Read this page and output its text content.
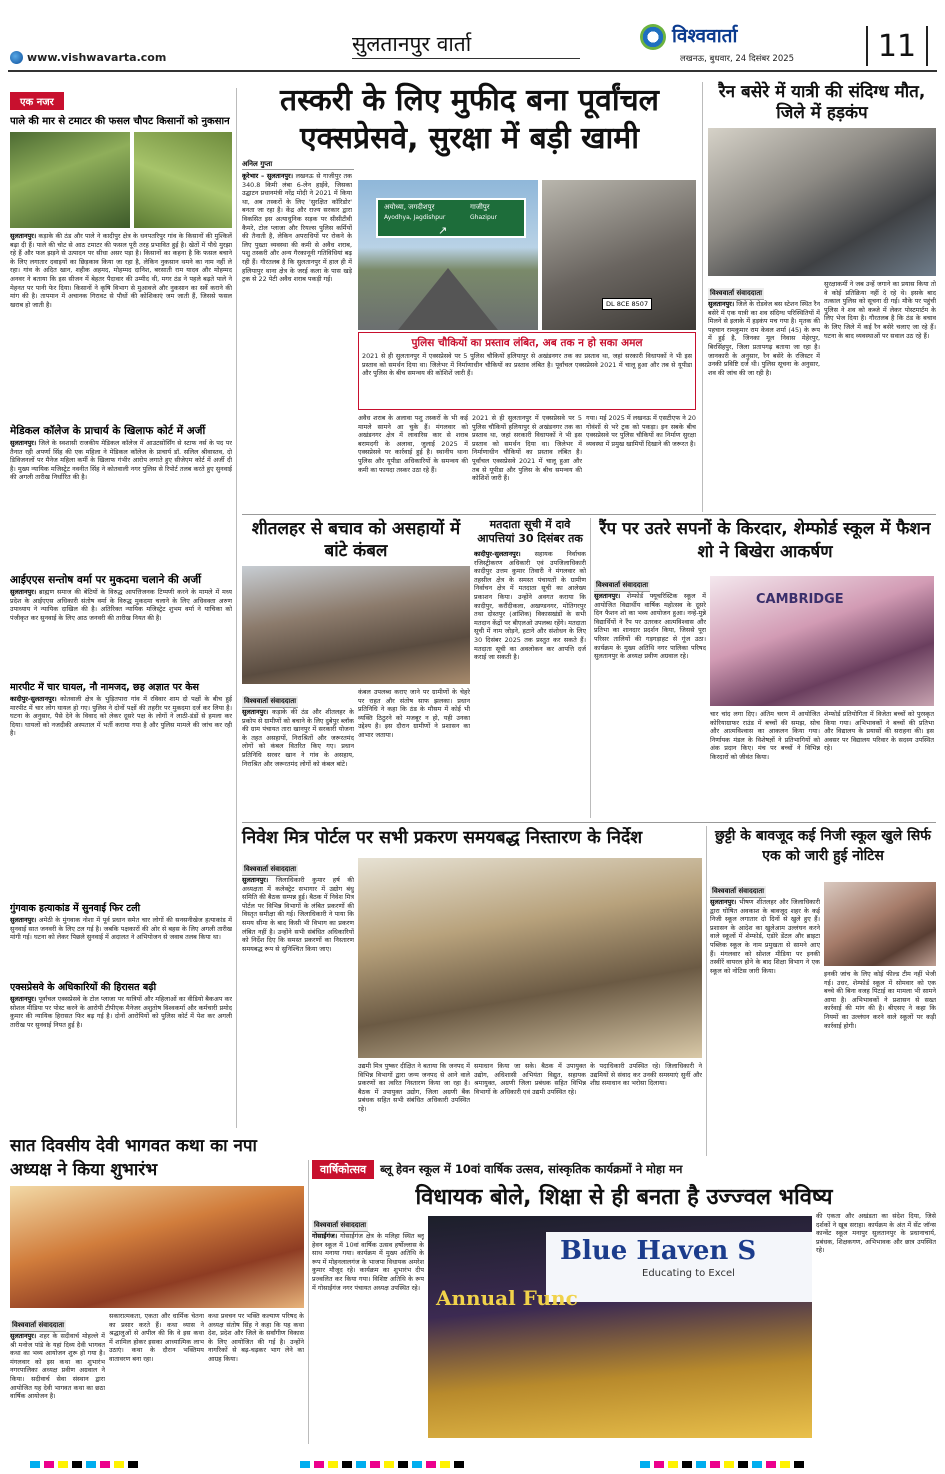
www.vishwavarta.com
सुलतानपुर वार्ता	विश्ववार्ता
लखनऊ, बुधवार, 24 दिसंबर 2025	11
एक नजर
पाले की मार से टमाटर की फसल चौपट किसानों को नुकसान
सुलतानपुर। कड़ाके की ठंड और पाले ने कादीपुर क्षेत्र के धनपतरिपुर गांव के किसानों की मुश्किलें बढ़ा दी हैं। पाले की चोट से आठ टमाटर की फसल पूरी तरह प्रभावित हुई है। खेतों में पौधे मुरझा रहे हैं और फल झड़ने से उत्पादन पर सीधा असर पड़ा है। किसानों का कहना है कि फसल बचाने के लिए लगातार दवाइयों का छिड़काव किया जा रहा है, लेकिन नुकसान थमने का नाम नहीं ले रहा। गांव के अदित खान, शहीक अहमद, मोहम्मद दानिश, बरसाती राम यादव और मोहम्मद अनवर ने बताया कि इस सीजन में बेहतर पैदावार की उम्मीद थी, मगर ठंड ने पहले बढ़ते पाले ने मेहनत पर पानी फेर दिया। किसानों ने कृषि विभाग से मुआवजे और नुकसान का सर्वे कराने की मांग की है। तापमान में अचानक गिरावट से पौधों की कोशिकाएं जम जाती हैं, जिससे फसल खराब हो जाती है।
मेडिकल कॉलेज के प्राचार्य के खिलाफ कोर्ट में अर्जी
सुलतानपुर। जिले के स्वशासी राजकीय मेडिकल कॉलेज में आउटसोर्सिंग से स्टाफ नर्स के पद पर तैनात रही अपर्णा सिंह की एक महिला ने मेडिकल कॉलेज के प्राचार्य डॉ. सलिल श्रीवास्तव, दो डिविजनलों पर मैनेज महिला कर्मी के खिलाफ गंभीर आरोप लगाते हुए सीजेएम कोर्ट में अर्जी दी है। मुख्य न्यायिक मजिस्ट्रेट नवनीत सिंह ने कोतवाली नगर पुलिस से रिपोर्ट तलब करते हुए सुनवाई की अगली तारीख निर्धारित की है।
आईएएस सन्तोष वर्मा पर मुकदमा चलाने की अर्जी
सुलतानपुर। ब्राह्मण समाज की बेटियों के विरुद्ध आपत्तिजनक टिप्पणी करने के मामले में मध्य प्रदेश के आईएएस अधिकारी संतोष वर्मा के विरुद्ध मुकदमा चलाने के लिए अधिवक्ता अरुण उपाध्याय ने न्यायिक दाखिल की है। अतिरिक्त न्यायिक मजिस्ट्रेट शुभम वर्मा ने याचिका को पंजीकृत कर सुनवाई के लिए आठ जनवरी की तारीख नियत की है।
मारपीट में चार घायल, नौ नामजद, छह अज्ञात पर केस
कादीपुर-सुलतानपुर। कोतवाली क्षेत्र के भुड़ितपारा गांव में रविवार शाम दो पक्षों के बीच हुई मारपीट में चार लोग घायल हो गए। पुलिस ने दोनों पक्षों की तहरीर पर मुकदमा दर्ज कर लिया है। घटना के अनुसार, पैसे देने के विवाद को लेकर दूसरे पक्ष के लोगों ने लाठी-डंडों से हमला कर दिया। घायलों को नजदीकी अस्पताल में भर्ती कराया गया है और पुलिस मामले की जांच कर रही है।
गुंगवाक हत्याकांड में सुनवाई फिर टली
सुलतानपुर। अमेठी के मुंगवाक नोशा में पूर्व प्रधान समेत चार लोगों की सनसनीखेज हत्याकांड में सुनवाई सात जनवरी के लिए टल गई है। जबकि पक्षकारों की ओर से बहस के लिए अगली तारीख मांगी गई। घटना को लेकर पिछले सुनवाई में अदालत ने अभियोजन से जवाब तलब किया था।
एक्सप्रेसवे के अधिकारियों की हिरासत बढ़ी
सुलतानपुर। पूर्वांचल एक्सप्रेसवे के टोल प्लाजा पर यात्रियों और महिलाओं का वीडियो बैकअप कर सोशल मीडिया पर पोस्ट करने के आरोपी टीपीएक मैनेजर अशुतोष विश्वकर्मा और कर्मचारी प्रमोद कुमार की न्यायिक हिरासत फिर बढ़ गई है। दोनों आरोपियों को पुलिस कोर्ट में पेश कर अगली तारीख पर सुनवाई नियत हुई है।
तस्करी के लिए मुफीद बना पूर्वांचल एक्सप्रेसवे, सुरक्षा में बड़ी खामी
अनिल गुप्ता
कूरेभार – सुलतानपुर। लखनऊ से गाजीपुर तक 340.8 किमी लंबा 6-लेन हाईवे, जिसका उद्घाटन प्रधानमंत्री नरेंद्र मोदी ने 2021 में किया था, अब तस्करों के लिए 'सुरक्षित कॉरिडोर' बनता जा रहा है। केंद्र और राज्य सरकार द्वारा विकसित इस अत्याधुनिक सड़क पर सीसीटीवी कैमरे, टोल प्लाजा और रियल्स पुलिस कर्मियों की तैनाती है, लेकिन अपराधियों पर रोकने के लिए पुख्ता व्यवस्था की कमी से अवैध शराब, पशु तस्करी और अन्य गैरकानूनी गतिविधियां बढ़ रही हैं। गौरतलब है कि सुलतानपुर में हाल ही में हलियापुर थाना क्षेत्र के जरई कला के पास खड़े ट्रक से 22 पेटी अवैध शराब पकड़ी गई।
अयोध्या, जगदीशपुर	गाजीपुर
Ayodhya, Jagdishpur	Ghazipur
↗
DL 8CE 8507
पुलिस चौकियों का प्रस्ताव लंबित, अब तक न हो सका अमल
2021 से ही सुलतानपुर में एक्सप्रेसवे पर 5 पुलिस चौकियों हलियापुर से अखंडनगर तक का प्रस्ताव था, जहां सरकारी विधायकों ने भी इस प्रस्ताव को समर्थन दिया था। जिलेभर में निर्माणाधीन चौकियों का प्रस्ताव लंबित है। पूर्वांचल एक्सप्रेसवे 2021 में चालू हुआ और तब से यूपीडा और पुलिस के बीच समन्वय की कोशिशें जारी हैं।
अवैध शराब के अलावा पशु तस्करों के भी कई मामले सामने आ चुके हैं। मंगलवार को अखंडनगर क्षेत्र में लावारिस कार से शराब बरामदगी के अलावा, जुलाई 2025 में एक्सप्रेसवे पर कार्रवाई हुई है। स्थानीय थाना पुलिस और यूपीडा अधिकारियों के समन्वय की कमी का फायदा तस्कर उठा रहे हैं।
2021 से ही सुलतानपुर में एक्सप्रेसवे पर 5 पुलिस चौकियों हलियापुर से अखंडनगर तक का प्रस्ताव था, जहां सरकारी विधायकों ने भी इस प्रस्ताव को समर्थन दिया था। जिलेभर में निर्माणाधीन चौकियों का प्रस्ताव लंबित है। पूर्वांचल एक्सप्रेसवे 2021 में चालू हुआ और तब से यूपीडा और पुलिस के बीच समन्वय की कोशिशें जारी हैं।
गया। मई 2025 में लखनऊ में एसटीएफ ने 20 गोवंशों से भरे ट्रक को पकड़ा। इन सबके बीच एक्सप्रेसवे पर पुलिस चौकियों का निर्माण सुरक्षा व्यवस्था में प्रमुख खामियों दिखाने की जरूरत है।
रैन बसेरे में यात्री की संदिग्ध मौत, जिले में हड़कंप
विश्ववार्ता संवाददाता
सुलतानपुर। जिले के रोडवेज बस स्टेशन स्थित रैन बसेरे में एक यात्री का शव संदिग्ध परिस्थितियों में मिलने से इलाके में हड़कंप मच गया है। मृतक की पहचान रामकुमार राम केवल शर्मा (45) के रूप में हुई है, जिनका मूल निवास मेहेरपुर, बिरसिंहपुर, जिला प्रतापगढ़ बताया जा रहा है। जानकारी के अनुसार, रैन बसेरे के रजिस्टर में उनकी प्रविष्टि दर्ज थी। पुलिस सूचना के अनुसार, शव की जांच की जा रही है।
सुरक्षाकर्मी ने जब उन्हें जगाने का प्रयास किया तो वे कोई प्रतिक्रिया नहीं दे रहे थे। इसके बाद तत्काल पुलिस को सूचना दी गई। मौके पर पहुंची पुलिस ने शव को कब्जे में लेकर पोस्टमार्टम के लिए भेज दिया है। गौरतलब है कि ठंड के बचाव के लिए जिले में कई रैन बसेरे चलाए जा रहे हैं। घटना के बाद व्यवस्थाओं पर सवाल उठ रहे हैं।
शीतलहर से बचाव को असहायों में बांटे कंबल
विश्ववार्ता संवाददाता
सुलतानपुर। कड़ाके की ठंड और शीतलहर के प्रकोप से ग्रामीणों को बचाने के लिए दुबेपुर ब्लॉक की ग्राम पंचायत तारा खानपुर में सरकारी योजना के तहत असहायों, निराश्रितों और जरूरतमंद लोगों को कंबल वितरित किए गए। प्रधान प्रतिनिधि सरवर खान ने गांव के असहाय, निराश्रित और जरूरतमंद लोगों को कंबल बांटे।
कंबल उपलब्ध कराए जाने पर ग्रामीणों के चेहरे पर राहत और संतोष साफ झलका। प्रधान प्रतिनिधि ने कहा कि ठंड के मौसम में कोई भी व्यक्ति ठिठुरने को मजबूर न हो, यही उनका उद्देश्य है। इस दौरान ग्रामीणों ने प्रशासन का आभार जताया।
मतदाता सूची में दावे आपत्तियां 30 दिसंबर तक
कादीपुर-सुलतानपुर। सहायक निर्वाचक रजिस्ट्रीकरण अधिकारी एवं उपजिलाधिकारी कादीपुर उत्तम कुमार तिवारी ने मंगलवार को तहसील क्षेत्र के समस्त पंचायतों के ग्रामीण निर्वाचन क्षेत्र में मतदाता सूची का आलेख्य प्रकाशन किया। उन्होंने अवगत कराया कि कादीपुर, करौंदीकला, अखण्डनगर, मोतिगरपुर तथा दोस्तपुर (आंशिक) विकासखंडों के सभी मतदान केंद्रों पर बीएलओ उपलब्ध रहेंगे। मतदाता सूची में नाम जोड़ने, हटाने और संशोधन के लिए 30 दिसंबर 2025 तक प्रस्तुत कर सकते हैं। मतदाता सूची का अवलोकन कर आपत्ति दर्ज कराई जा सकती है।
रैंप पर उतरे सपनों के किरदार, शेम्फोर्ड स्कूल में फैशन शो ने बिखेरा आकर्षण
विश्ववार्ता संवाददाता
सुलतानपुर। शेम्फोर्ड फ्यूचरिस्टिक स्कूल में आयोजित विद्यार्थीय वार्षिक महोत्सव के दूसरे दिन फैशन शो का भव्य आयोजन हुआ। नन्हे-मुन्ने विद्यार्थियों ने रैंप पर उतरकर आत्मविश्वास और प्रतिभा का शानदार प्रदर्शन किया, जिससे पूरा परिसर तालियों की गड़गड़ाहट से गूंज उठा। कार्यक्रम के मुख्य अतिथि नगर पालिका परिषद सुलतानपुर के अध्यक्ष प्रवीण अग्रवाल रहे।
CAMBRIDGE
चार चांद लगा दिए। अंतिम चरण में आयोजित कोरियाग्राफर राउंड में बच्चों की समझ, सोच और आत्मविश्वास का आकलन किया गया। निर्णायक मंडल के विशेषज्ञों ने प्रतिभागियों को अंक प्रदान किए। मंच पर बच्चों ने विभिन्न किरदारों को जीवंत किया।
शेम्फोर्ड प्रतियोगिता में विजेता बच्चों को पुरस्कृत किया गया। अभिभावकों ने बच्चों की प्रतिभा और विद्यालय के प्रयासों की सराहना की। इस अवसर पर विद्यालय परिवार के सदस्य उपस्थित रहे।
निवेश मित्र पोर्टल पर सभी प्रकरण समयबद्ध निस्तारण के निर्देश
विश्ववार्ता संवाददाता
सुलतानपुर। जिलाधिकारी कुमार हर्ष की अध्यक्षता में कलेक्ट्रेट सभागार में उद्योग बंधु समिति की बैठक सम्पन्न हुई। बैठक में निवेश मित्र पोर्टल पर विभिन्न विभागों के लंबित प्रकरणों की विस्तृत समीक्षा की गई। जिलाधिकारी ने पाया कि समय सीमा के बाद किसी भी विभाग का प्रकरण लंबित नहीं है। उन्होंने सभी संबंधित अधिकारियों को निर्देश दिए कि समस्त प्रकरणों का निस्तारण समयबद्ध रूप से सुनिश्चित किया जाए।
उद्यमी मित्र पुष्कर दीक्षित ने बताया कि जनपद में विभिन्न विभागों द्वारा जन्म जनपद से आने वाले प्रकरणों का त्वरित निस्तारण किया जा रहा है। बैठक में उपायुक्त उद्योग, जिला अग्रणी बैंक प्रबंधक सहित सभी संबंधित अधिकारी उपस्थित रहे।
समाधान किया जा सके। बैठक में उपायुक्त उद्योग, अधिशासी अभियंता विद्युत, सहायक श्रमायुक्त, अग्रणी जिला प्रबंधक सहित विभिन्न विभागों के अधिकारी एवं उद्यमी उपस्थित रहे।
के पदाधिकारी उपस्थित रहे। जिलाधिकारी ने उद्यमियों से संवाद कर उनकी समस्याएं सुनीं और शीघ्र समाधान का भरोसा दिलाया।
छुट्टी के बावजूद कई निजी स्कूल खुले सिर्फ एक को जारी हुई नोटिस
विश्ववार्ता संवाददाता
सुलतानपुर। भीषण शीतलहर और जिलाधिकारी द्वारा घोषित अवकाश के बावजूद शहर के कई निजी स्कूल लगातार दो दिनों से खुले हुए हैं। प्रशासन के आदेश का खुलेआम उल्लंघन करने वाले स्कूलों में शेम्फोर्ड, एडोरे डेंटल और ब्राइटा पब्लिक स्कूल के नाम प्रमुखता से सामने आए हैं। मंगलवार को सोशल मीडिया पर इनकी तस्वीरें वायरल होने के बाद शिक्षा विभाग ने एक स्कूल को नोटिस जारी किया।	इनकी जांच के लिए कोई फील्ड टीम नहीं भेजी गई। उधर, शेम्फोर्ड स्कूल में सोमवार को एक बच्चे की बिना वजह पिटाई का मामला भी सामने आया है। अभिभावकों ने प्रशासन से सख्त कार्रवाई की मांग की है। बीएसए ने कहा कि नियमों का उल्लंघन करने वाले स्कूलों पर कड़ी कार्रवाई होगी।
सात दिवसीय देवी भागवत कथा का नपा अध्यक्ष ने किया शुभारंभ
विश्ववार्ता संवाददाता
सुलतानपुर। शहर के सदीवार्च मोहल्ले में श्री मनोज पांडे के यहां दिव्य देवी भागवत कथा का भव्य आयोजन शुरू हो गया है। मंगलवार को इस कथा का शुभारंभ नगरपालिका अध्यक्ष प्रवीण अग्रवाल ने किया। सदीवार्च सेवा संस्थान द्वारा आयोजित यह देवी भागवत कथा का छठा वार्षिक आयोजन है।
सकारात्मकता, एकता और धार्मिक चेतना का प्रसार करते हैं। कथा व्यास ने श्रद्धालुओं से अपील की कि वे इस कथा में शामिल होकर इसका आध्यात्मिक लाभ उठाएं। कथा के दौरान भक्तिमय वातावरण बना रहा।
कथा प्रवचन पर भक्ति कल्याण परिषद के अध्यक्ष संतोष सिंह ने कहा कि यह कथा देश, प्रदेश और जिले के सर्वांगीण विकास के लिए आयोजित की गई है। उन्होंने नागरिकों से बढ़-चढ़कर भाग लेने का आग्रह किया।
वार्षिकोत्सव	ब्लू हेवन स्कूल में 10वां वार्षिक उत्सव, सांस्कृतिक कार्यक्रमों ने मोहा मन
विधायक बोले, शिक्षा से ही बनता है उज्ज्वल भविष्य
विश्ववार्ता संवाददाता
गोसाईंगंज। गोसाईंगंज क्षेत्र के मलिहा स्थित ब्लू हेवन स्कूल में 10वां वार्षिक उत्सव हर्षोल्लास के साथ मनाया गया। कार्यक्रम में मुख्य अतिथि के रूप में मोहनलालगंज के भाजपा विधायक अमरेश कुमार मौजूद रहे। कार्यक्रम का शुभारंभ दीप प्रज्वलित कर किया गया। विशिष्ट अतिथि के रूप में गोसाईंगंज नगर पंचायत अध्यक्ष उपस्थित रहे।
Blue Haven S
Educating to Excel
Annual Func
की एकता और अखंडता का संदेश दिया, जिसे दर्शकों ने खूब सराहा। कार्यक्रम के अंत में सेंट जॉन्स कान्वेंट स्कूल मनापुर सुलतानपुर के प्रधानाचार्य, प्रबंधक, शिक्षकगण, अभिभावक और छात्र उपस्थित रहे।
